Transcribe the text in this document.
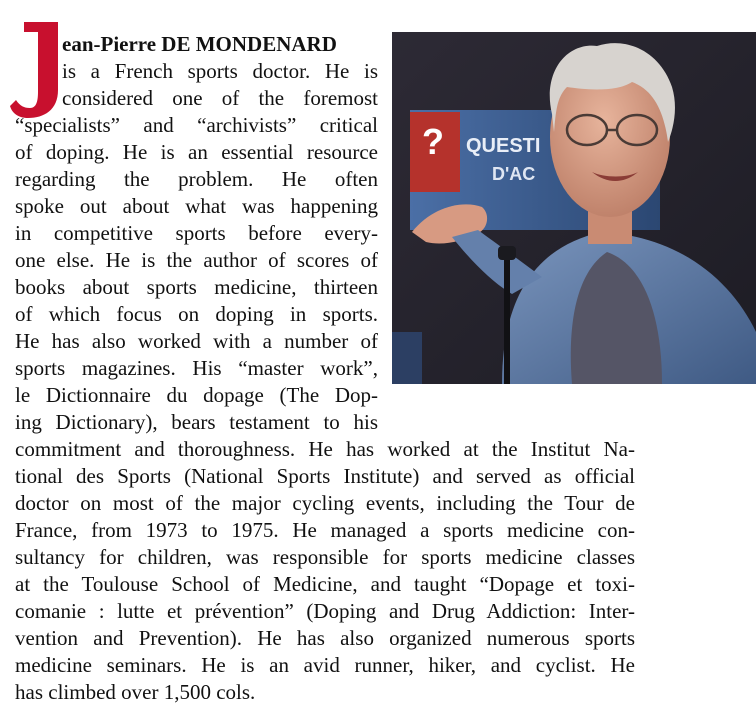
ean-Pierre DE MONDENARD

is a French sports doctor. He is

considered one of the foremost

“specialists” and “archivists” critical

of doping. He is an essential resource

regarding the problem. He often

spoke out about what was happening

in competitive sports before every-

one else. He is the author of scores of

books about sports medicine, thirteen

of which focus on doping in sports.

He has also worked with a number of

sports magazines. His “master work”,

le Dictionnaire du dopage (The Dop-

ing Dictionary), bears testament to his

commitment and thoroughness. He has worked at the Institut Na-

tional des Sports (National Sports Institute) and served as official

doctor on most of the major cycling events, including the Tour de

France, from 1973 to 1975. He managed a sports medicine con-

sultancy for children, was responsible for sports medicine classes

at the Toulouse School of Medicine, and taught “Dopage et toxi-

comanie : lutte et prévention” (Doping and Drug Addiction: Inter-

vention and Prevention). He has also organized numerous sports

medicine seminars. He is an avid runner, hiker, and cyclist. He

has climbed over 1,500 cols.

? QUESTI
D'AC
